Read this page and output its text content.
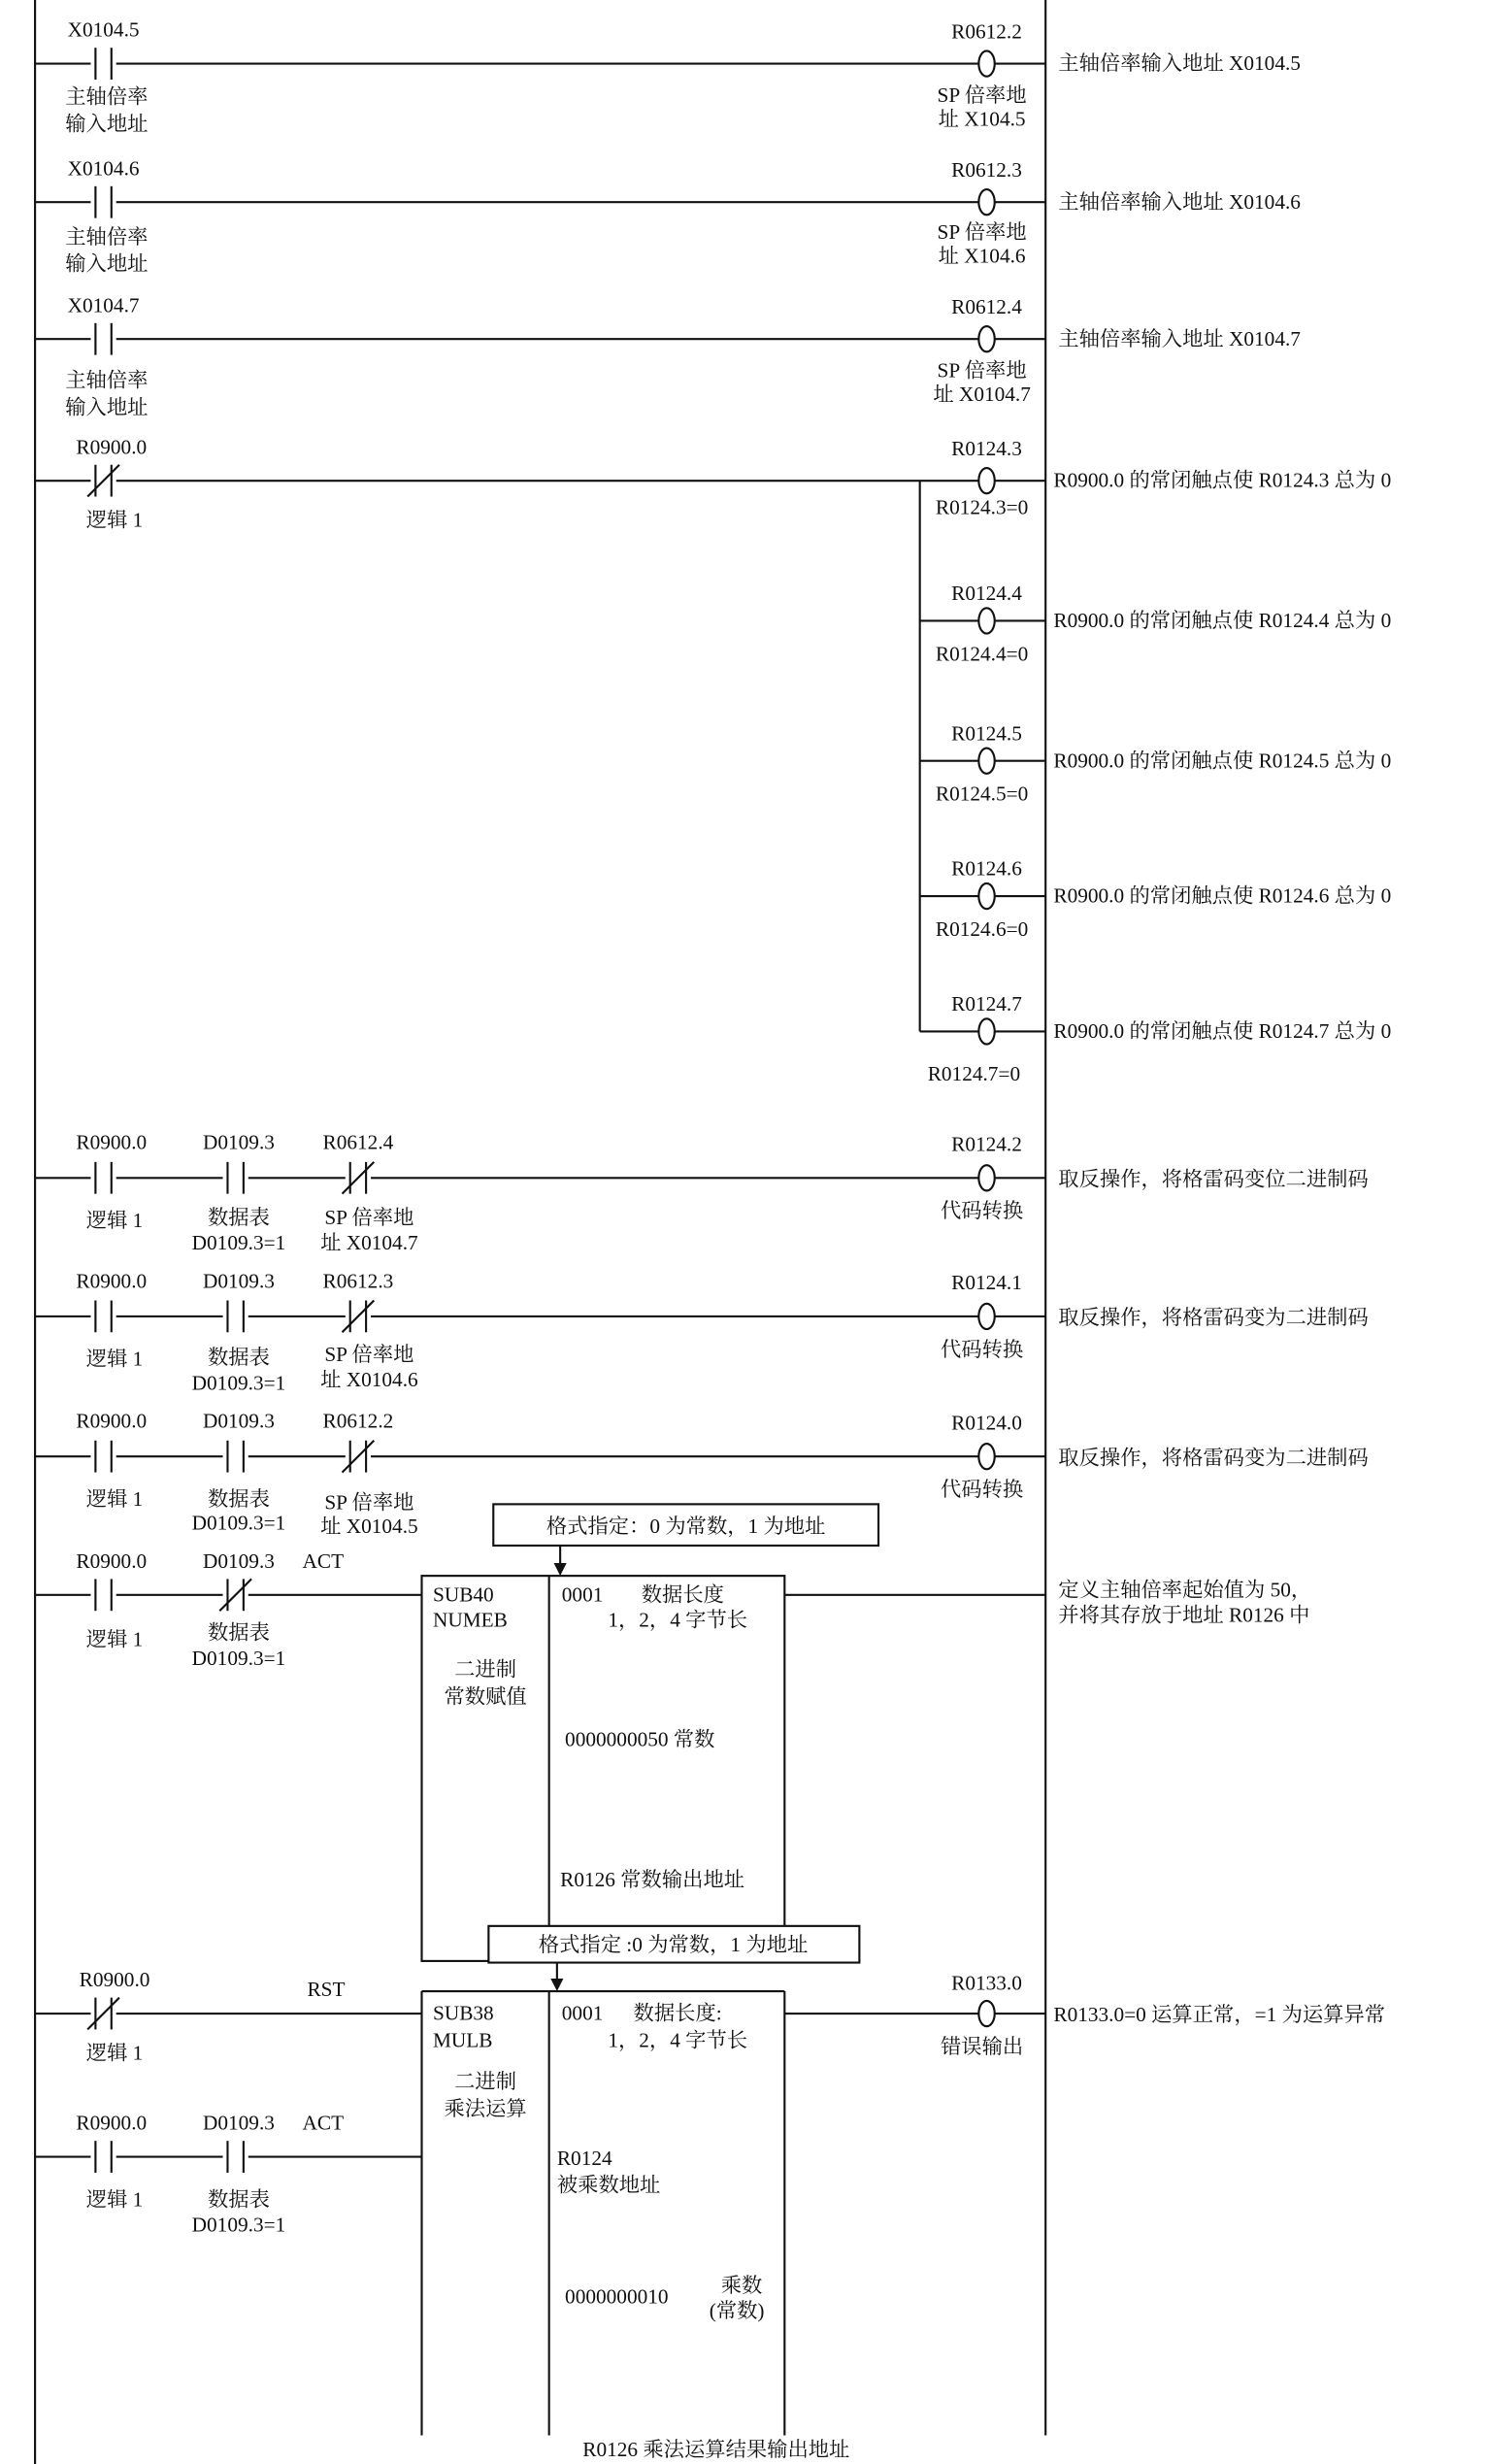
X0104.5
主轴倍率
输入地址
R0612.2
SP 倍率地
址 X104.5
主轴倍率输入地址 X0104.5
X0104.6
主轴倍率
输入地址
R0612.3
SP 倍率地
址 X104.6
主轴倍率输入地址 X0104.6
X0104.7
主轴倍率
输入地址
R0612.4
SP 倍率地
址 X0104.7
主轴倍率输入地址 X0104.7
R0900.0
逻辑 1
R0124.3
R0124.3=0
R0900.0 的常闭触点使 R0124.3 总为 0
R0124.4
R0124.4=0
R0900.0 的常闭触点使 R0124.4 总为 0
R0124.5
R0124.5=0
R0900.0 的常闭触点使 R0124.5 总为 0
R0124.6
R0124.6=0
R0900.0 的常闭触点使 R0124.6 总为 0
R0124.7
R0124.7=0
R0900.0 的常闭触点使 R0124.7 总为 0
R0900.0	D0109.3	R0612.4
逻辑 1	数据表
D0109.3=1
SP 倍率地
址 X0104.7
R0124.2
代码转换
取反操作，将格雷码变位二进制码
R0900.0	D0109.3	R0612.3
逻辑 1	数据表
D0109.3=1
SP 倍率地
址 X0104.6
R0124.1
代码转换
取反操作，将格雷码变为二进制码
R0900.0	D0109.3	R0612.2
逻辑 1	数据表
D0109.3=1
SP 倍率地
址 X0104.5
R0124.0
代码转换
取反操作，将格雷码变为二进制码
格式指定：0 为常数，1 为地址
R0900.0	D0109.3 ACT
逻辑 1	数据表
D0109.3=1
SUB40
NUMEB
二进制
常数赋值
0001	数据长度
1，2，4 字节长
0000000050 常数
R0126 常数输出地址
定义主轴倍率起始值为 50，
并将其存放于地址 R0126 中
格式指定 :0 为常数，1 为地址
R0900.0
逻辑 1
RST
SUB38
MULB
二进制
乘法运算
0001 数据长度:
1，2，4 字节长
R0124
被乘数地址
0000000010	乘数
(常数)
R0126 乘法运算结果输出地址
R0133.0
错误输出
R0133.0=0 运算正常，=1 为运算异常
R0900.0	D0109.3 ACT
逻辑 1	数据表
D0109.3=1
